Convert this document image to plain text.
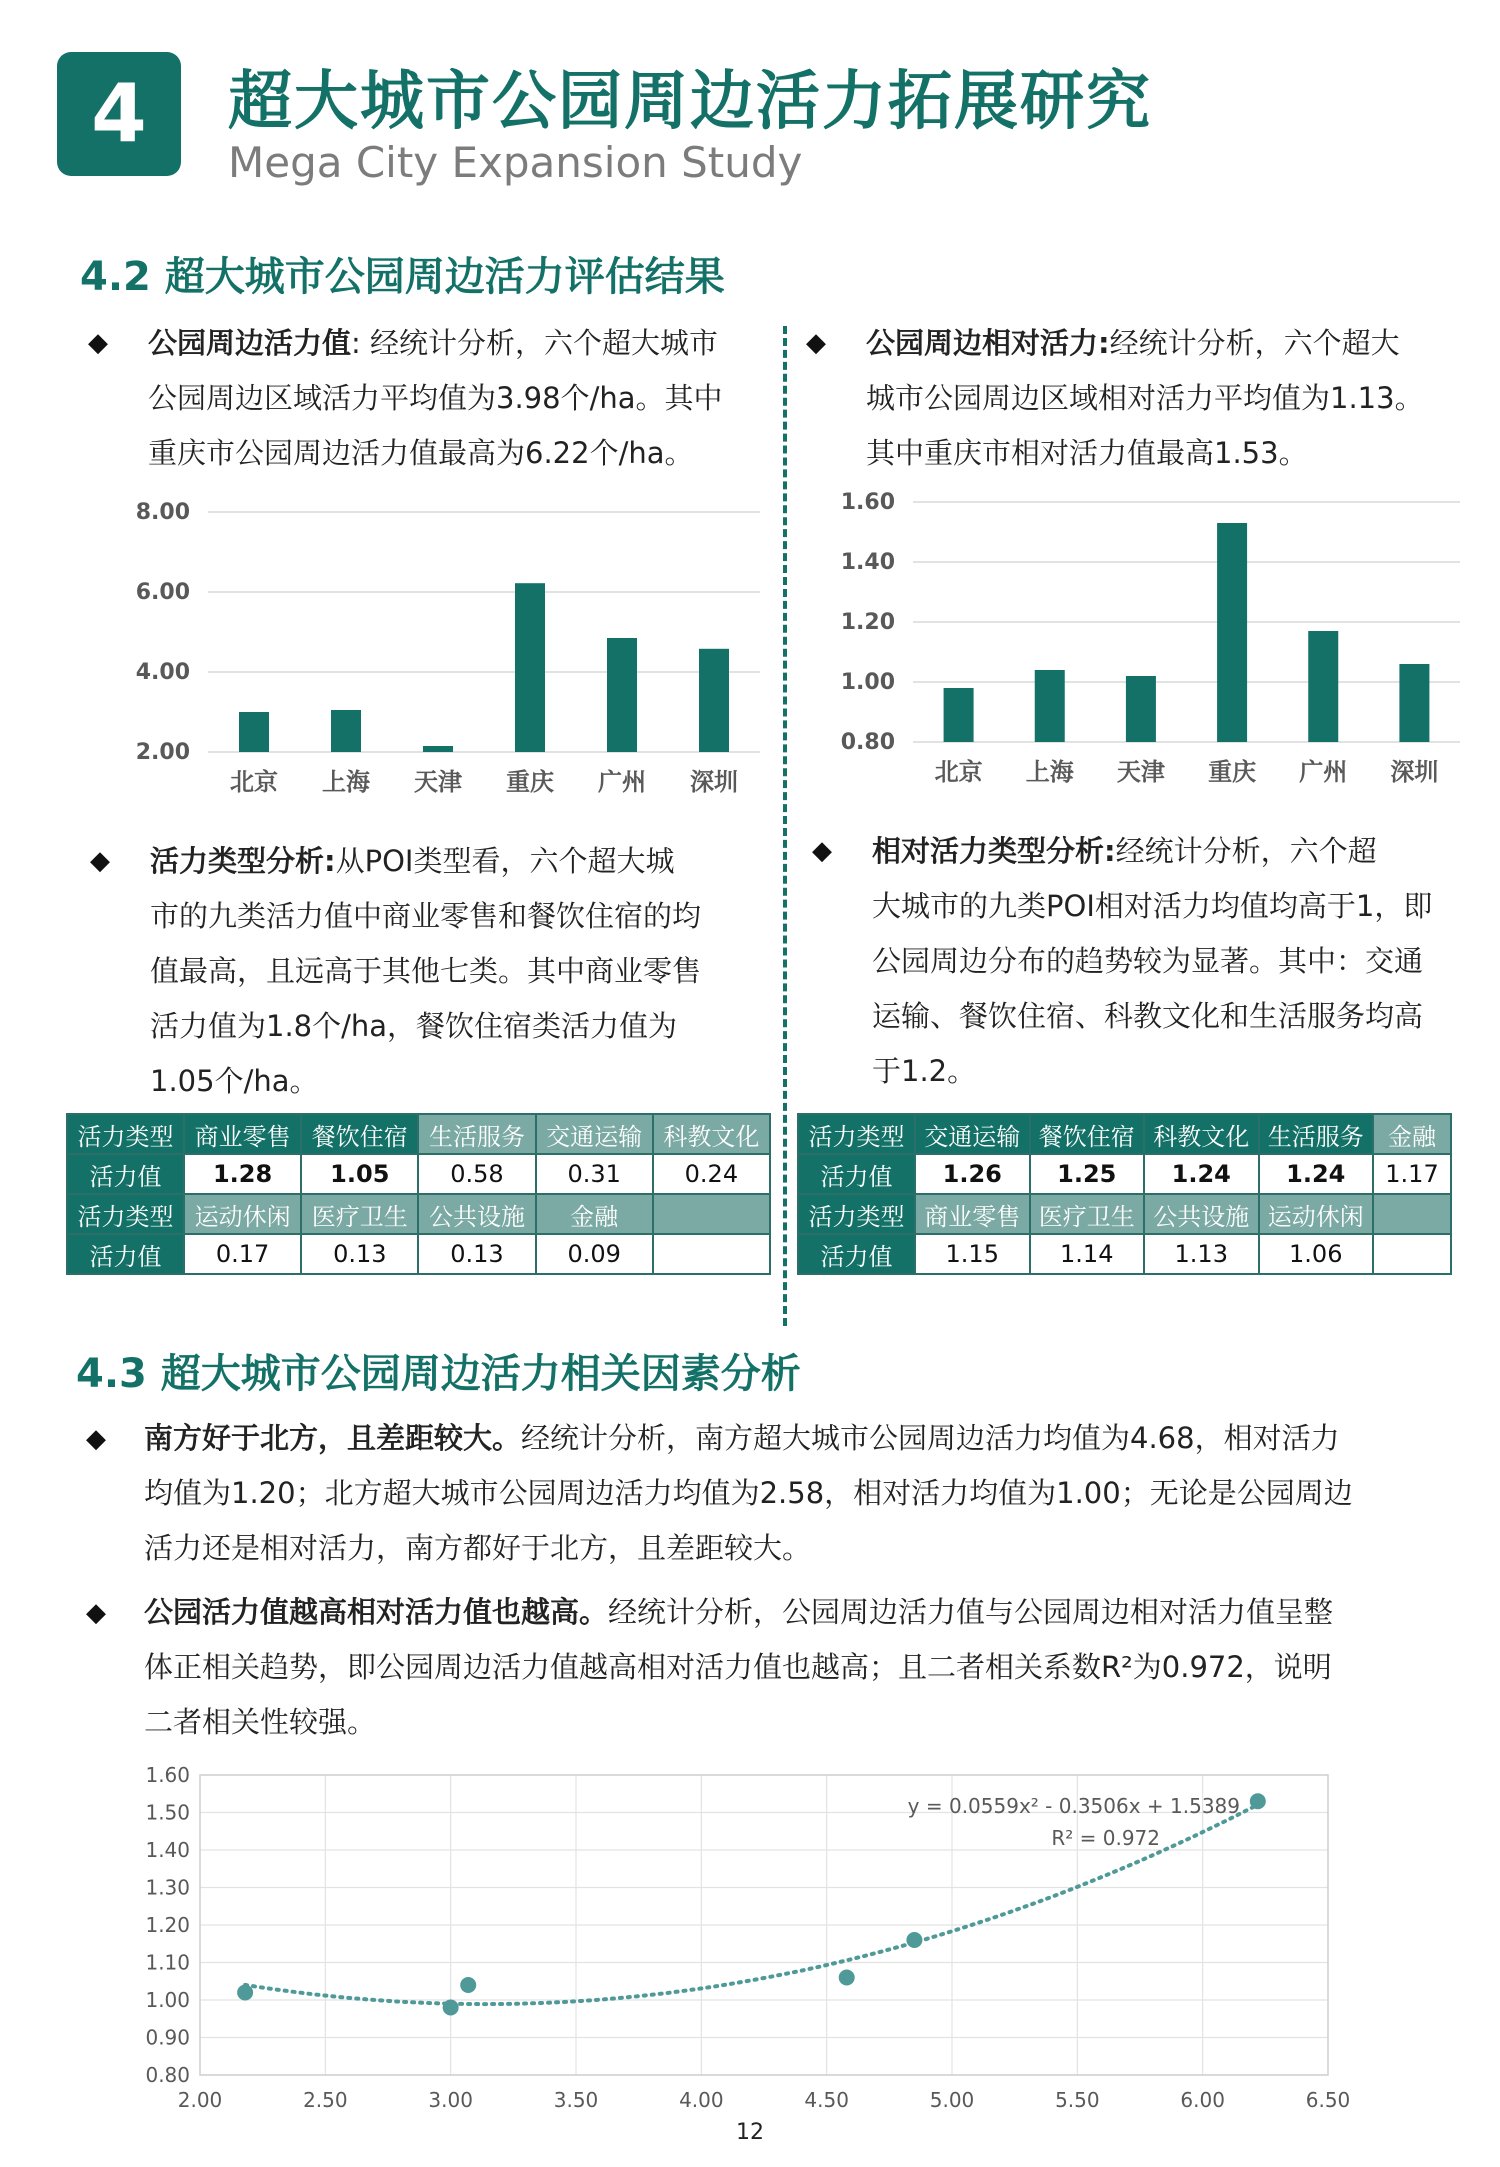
4	超大城市公园周边活力拓展研究
Mega City Expansion Study
4.2 超大城市公园周边活力评估结果
◆ 公园周边活力值: 经统计分析，六个超大城市
公园周边区域活力平均值为3.98个/ha。其中
重庆市公园周边活力值最高为6.22个/ha。
◆ 公园周边相对活力:经统计分析，六个超大
城市公园周边区域相对活力平均值为1.13。
其中重庆市相对活力值最高1.53。
2.00
4.00
6.00
8.00
北京 上海 天津 重庆 广州 深圳
0.80
1.00
1.20
1.40
1.60
北京 上海 天津 重庆 广州 深圳
◆ 活力类型分析:从POI类型看，六个超大城
市的九类活力值中商业零售和餐饮住宿的均
值最高，且远高于其他七类。其中商业零售
活力值为1.8个/ha，餐饮住宿类活力值为
1.05个/ha。
◆ 相对活力类型分析:经统计分析，六个超
大城市的九类POI相对活力均值均高于1，即
公园周边分布的趋势较为显著。其中：交通
运输、餐饮住宿、科教文化和生活服务均高
于1.2。
活力类型	商业零售	餐饮住宿	生活服务	交通运输	科教文化
活力值	1.28	1.05	0.58	0.31	0.24
活力类型	运动休闲	医疗卫生	公共设施	金融	
活力值	0.17	0.13	0.13	0.09	
活力类型	交通运输	餐饮住宿	科教文化	生活服务	金融
活力值	1.26	1.25	1.24	1.24	1.17
活力类型	商业零售	医疗卫生	公共设施	运动休闲	
活力值	1.15	1.14	1.13	1.06	
4.3 超大城市公园周边活力相关因素分析
◆ 南方好于北方，且差距较大。经统计分析，南方超大城市公园周边活力均值为4.68，相对活力
均值为1.20；北方超大城市公园周边活力均值为2.58，相对活力均值为1.00；无论是公园周边
活力还是相对活力，南方都好于北方，且差距较大。
◆ 公园活力值越高相对活力值也越高。经统计分析，公园周边活力值与公园周边相对活力值呈整
体正相关趋势，即公园周边活力值越高相对活力值也越高；且二者相关系数R²为0.972，说明
二者相关性较强。
0.80
0.90
1.00
1.10
1.20
1.30
1.40
1.50
1.60
2.00	2.50	3.00	3.50	4.00	4.50	5.00	5.50	6.00	6.50
y = 0.0559x² - 0.3506x + 1.5389
R² = 0.972
12
